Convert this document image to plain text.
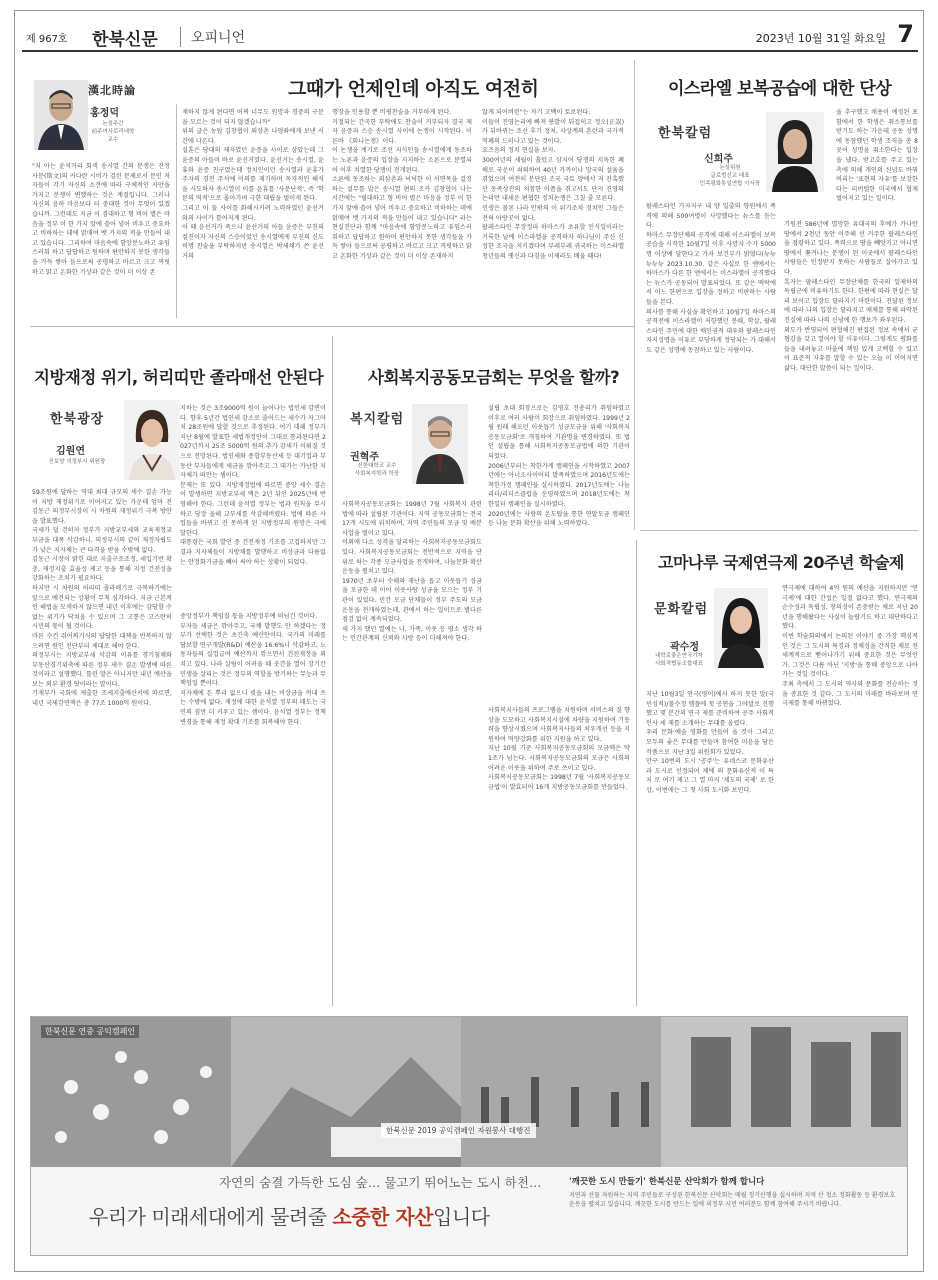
제 967호 한북신문	오피니언	2023년 10월 31일 화요일 7
漢北時論
홍정덕
논설주간
前주여사로리대학 교수
그때가 언제인데 아직도 여전히
"저 아는 윤석거리 회색 송시열 간의 분쟁은 진정 사문(斯文)의 커다란 시비가 걸린 문제로서 문인 저자들이 각기 자신의 소견에 따라 구체적인 사안을 가지고 분쟁이 변했하는 것은 계절입니다. 그러나 자신의 음하 마음보다 더 중대한 것이 무엇이 있겠습니까. 그런데도 지금 이 겸대하고 형 비어 별은 마음을 정부 이 한 가지 앞에 쓸어 넣어 비우고 중요하고 비하하는 데에 얽매여 뱃 가지의 적을 만들어 내고 있습니다. 그리하여 마음속에 함앙분노하고 유임스러워 하고 답답하고 원하며 편안하지 못한 생각들을 가득 쌓아 들으로써 공평하고 바르고 크고 꺼릿하고 맑고 온화한 기상과 같은 것이 더 이상 존
재하지 않게 된다면 어찌 너무도 원망과 경중의 구분을 모르는 것이 되지 않겠습니까"
위의 글은 농암 김창협이 외삼촌 나양좌에게 보낸 서간에 나온다.
설훈은 당대의 제자였던 윤증을 사이로 삼았는데 그 윤증의 아들이 바로 윤선거였다. 윤선거는 송시열, 윤휴와 윤증 친구였는데 정치인이던 송시열과 윤휴가 주자의 경전 주석에 이의를 제기하며 독자적인 해석을 시도하자 송시열이 이를 윤휴를 '사문난적', 즉 '학문의 역적'으로 몰아가며 극한 대립을 벌이게 된다.
그리고 이 둘 사이를 화해시키려 노력하였던 윤선거와의 사이가 틀어지게 된다.
이 때 윤선거가 죽으니 윤선거의 아들 윤증은 부친의 절친이자 자신의 스승이었던 송시열에게 부친의 신도비명 찬술을 부탁하지만 송시열은 박세채가 쓴 윤선거의
행장을 인용할 뿐 비평찬술을 거부하게 된다.
거절되는 간곡한 부탁에도 찬술이 거부되자 결국 제자 윤증과 스승 송시열 사이에 논쟁이 시작된다. 이른바 《회니논쟁》이다.
이 논쟁을 계기로 조선 지식인들 송시열에게 동조하는 노론과 윤증의 입장을 지지하는 소론으로 분열되어 이후 치열한 당쟁이 전개된다.
소론에 동조하는 외삼촌과 넉넉한 이 서면목을 걸정하는 설무를 말은 송시열 편의 조카 김창협이 나는 서간에는 "필대하고 형 비어 별은 마음을 정부 이 한 가지 앞에 쓸어 넣어 비우고 중요하고 비하하는 데에 얽매여 뱃 가지의 적을 만들어 내고 있습니다" 라는 현실진단과 함께 "마음속에 함앙분노하고 유임스러워하고 답답하고 원하며 편안하지 못한 생각들을 가득 쌓아 들으로써 공평하고 바르고 크고 꺼릿하고 맑고 온화한 기상과 같은 것이 더 이상 존재하지
않게 되어버린"는 자기 고백이 토로된다.
이들이 진영논리에 빠져 붕발이 뒤집히고 정오(正誤)가 뒤바뀌는 조선 후기 정치, 사상계의 혼란과 국가적 역폐의 드러나고 있는 것이다.
요즈음의 정치 현실을 보자.
300여년의 세월이 흘렀고 삼지어 당쟁의 지독한 폐해로 국운이 쇠퇴하여 40년 가까이나 망국의 설움을 겪었으며 여전히 분단된 조국 국토 양에서 저 잔혹했던 동족상잔의 처참한 아픔을 겪고서도 단지 진영의 논리만 내세운 편협한 정치논쟁은 그칠 줄 모른다.
민생은 물론 나라 안팎의 이 위기조차 정치인 그들은 전혀 아랑곳이 없다.
팔레스타인 무장정파 하마스가 초유할 인식일이라는 거룩한 날에 이스라엘을 공격하자 하나님이 주신 신성한 조국을 지키겠다며 부레부레 귀국하는 이스라엘 청년들의 옛신과 다짐을 이제라도 배울 때다!
이스라엘 보복공습에 대한 단상
한북칼럼
신희주
논설위원
글로벌선교 대표
민족평화통일연합 이사장
올 추구했고 채용이 예정된 포함에서 한 학생은 취소통보를 받기도 하는 가운데 공동 성명에 동참했던 학생 조직을 총 8곳이 성명을 취소한다는 입장을 냈다. 받고호를 주고 있는 측에 의해 개인의 신념도 바꿔버리는 '표현의 자유'를 보장한다는 리버럴한 미국에서 협제 벌어지고 있는 일이다.
팔레스타인 가자지구 내 양 일출의 향원에서 폭격에 의해 500여명이 사망했다는 뉴스를 듣는다.
하마스 무장단체의 공격에 대해 이스라엘이 보복공습을 시작한 10월7일 이후 사망자 수가 5000명 이상에 달한다고 가자 보건부가 밝혔다(뉴뉴뉴뉴뉴 2023.10.30. 같은 사실로 한 앤에서는 하마스가 다른 한 앤에서는 이스라엘이 공격했다는 뉴스가 공동되어 발표되었다. 또 같은 맥락에서 어느 한편으로 입장을 정하고 비판하는 사람들을 본다.
의사를 통해 사실을 확인하고 10월7일 하마스의 공격전에 이스라엘이 저항했던 봉쇄, 학살, 팔레스타인 주민에 대한 배인권적 대우와 팔레스타인 지지성명을 이유로 부당하게 정당되는 가 대해서도 같은 성명에 동참하고 있는 사람이다.
기원전 586년에 멸망한 유대국의 후예가 가나안 땅에서 2천년 동안 이주해 선 거주한 팔레스타인을 점령하고 있다. 폭력으로 땅을 빼앗기고 아니면 땅에서 쫓겨나는 분쟁이 된 이곳에서 팔레스타인 사람들은 인정받지 못하는 사람들로 살아가고 있다.
흑자는 팔레스타인 무장단체를 한국의 일제하의 독립군에 비유하기도 한다. 한편에 따라 현실은 달리 보이고 입장도 달라지기 마련이다. 전달된 정보에 따라 나의 입장은 달라지고 매체를 통해 파악된 진실에 따라 나의 신념에 한 행보가 좌우된다.
외도가 반영되어 편협해진 편집된 정보 속에서 균형감을 갖고 열어야 할 이유이다. 그렇게도 평화를 들을 내려놓고 마을에 책임 있게 고백할 수 있고 이 표준적 자유를 말할 수 있는 오늘 이 이어지면 삶다, 대단한 말씀이 되는 일이다.
지방재정 위기, 허리띠만 졸라매선 안된다
한북광장
김원연
진보당 의정부시 위원장
59조원에 달하는 역대 최대 규모의 세수 결손 가능이 지방 재정위기로 이어지고 있는 가운데 엄마 전 김동근 의정부시장이 시 차원의 재정위기 극복 방안을 발표했다.
국세가 덜 걷히자 정부가 지방교부세와 교육재정교부금을 대폭 삭감하니, 의정부시의 같이 재정자립도가 낮은 지자체는 큰 타격을 받을 수밖에 없다.
김동근 시장이 밝힌 대로 지출구조조정, 세입기반 확충, 재정지출 효율성 제고 등을 통해 지정 건전성을 강화하는 조치가 필요하다.
하지만 시 차원의 허리띠 졸라매기로 극복하기에는 앞으로 예견되는 상황이 무척 심각하다. 지금 근본적인 해법을 모색하지 않으면 내년 이후에는 감당할 수 없는 위기가 닥쳐올 수 있으며 그 고통은 고스란히 시민의 몫이 될 것이다.
마른 수건 쥐어짜기식의 답답한 대책을 반복하지 않으려면 원인 진단부터 제대로 해야 한다.
의정부시는 지방교부세 삭감의 이유를 경기침체와 부동산경기위축에 따른 정부 세수 결손 발생에 따른 것이라고 설명했다. 틀린 말은 아니지만 내년 예산을 보는 외부 환경 탓이라는 말이다.
기재부가 국회에 제출한 조세지출예산서에 따르면, 내년 국세감면액은 총 77조 1000억 원이다.
지하는 것은 3조9000억 원이 늘어나는 법인세 감면이다. 향후 5년간 법인세 감소로 줄어드는 세수가 자그마치 28조원에 달할 것으로 추정된다. 여기 대해 정부가 지난 8월에 발표한 세법개정안이 그대로 통과된다면 2027년까지 25조 5000억 원의 추가 감세가 이뤄질 것으로 전망된다. 법인세와 종합부동산세 등 대기업과 부동산 부자들에게 세금을 깎아주고 그 대가는 가난한 지자체가 떠안는 셈이다.
문제는 또 있다. 지방재정법에 따르면 중앙 세수 결손이 발생하면 지방교부세 액은 2년 뒤인 2025년에 반영해야 한다. 그런데 윤석열 정부는 법과 원칙을 무시하고 당장 올해 교부세를 삭감해버렸다. 법에 따른 사업들을 바뀌고 진 못하게 된 지방정부의 원망은 극에 달한다.
대통령은 국회 발언 중 건전재정 기조를 고집하지만 그 결과 지자체들이 지방채를 발행하고 비상금과 다름없는 안정화기금을 빼어 써야 하는 상황이 되었다.
중앙정부가 책임질 몫을 지방정부에 떠넘긴 것이다.
부자들 세금은 깎아주고, 국채 발행도 안 하겠다는 정부가 선택한 것은 초긴축 예산안이다. 국가의 미래를 담보할 연구개발(R&D) 예산을 16.6%나 삭감하고, 노동자들의 실업급여 예산까지 깎으면서 건전재정을 외치고 있다. 나라 살림이 어려울 때 곳간을 열어 장기간 민생을 살피는 것은 정부의 역할을 방기하는 무능과 무책임일 뿐이다.
지자체에 돈 뿌리 없으니 빚을 내는 비상금을 꺼내 쓰는 수밖에 없다. 재정에 대한 윤석열 정부의 태도는 국민의 짐만 더 키우고 있는 셈이다. 윤석열 정부는 정책 변경을 통해 재정 확대 기조를 회복해야 한다.
사회복지공동모금회는 무엇을 할까?
복지칼럼
권혁주
신한대학교 교수
사회복지학과 학장
사회복지공동모금회는 1998년 7월 사회복지 관련법에 따라 설립된 기관이다. 지역 공동모금회는 전국 17개 시도에 위치하여, 지역 주민들의 모금 및 배분 사업을 벌이고 있다.
이외에 다소 성격을 달리하는 사회복지공동모금회도 있다. 사회복지공동모금회는 전반적으로 지역을 단위로 하는 각종 모금사업을 전개하며, 나눔문화 확산 운동을 펼치고 있다.
1970년 초부터 수해와 재난을 돕고 이웃돕기 성금을 모금한 데 이어 이웃사랑 성금을 모으는 정부 기관이 있었다. 민간 모금 단체들이 정부 주도의 모금 운동을 전개하였는데, 관에서 하는 일이므로 별다른 점검 없이 계속되었다.
세 가지 했던 열에는 나, 가족, 이웃 등 평소 생각 하는 인간관계의 신뢰와 사랑 등이 더해져야 한다.
설립 초대 회장으로는 김영호 전총리가 취임하였고 이후로 여러 사람이 회장으로 취임하였다. 1999년 2월 원래 해오던 이웃돕기 성금모금을 위해 '사회복지공동모금회'로 개칭하여 기관명을 변경하였다. 또 법인 설립을 통해 사회복지공동모금법에 의한 기관이 되었다.
2006년부터는 착한가게 캠페인을 시작하였고 2007년에는 아너소사이어티 발족하였으며 2016년도에는 착한가정 캠페인을 실시하였다. 2017년도에는 나눔리더/리더스클럽을 운영하였으며 2018년도에는 착한일터 캠페인을 실시하였다.
2020년에는 사랑의 온도탑을 통한 연말모금 캠페인 등 나눔 문화 확산을 위해 노력하였다.
사회복지사들의 프로그램을 지원하며 서비스의 질 향상을 도모하고 사회복지시설에 차량을 지원하여 기동력을 향상시켰으며 사회복지사들의 처우개선 등을 지원하여 역량강화를 위한 지원을 하고 있다.
지난 10월 기준 사회복지공동모금회의 모금액은 약 1조가 넘는다. 사회복지공동모금회의 모금은 사회의 어려운 이웃을 위하여 주로 쓰이고 있다.
사회복지공동모금회는 1998년 7월 '사회복지공동모금법'이 발효되어 16개 지방공동모금회를 만들었다.
고마나루 국제연극제 20주년 학술제
문화칼럼
곽수정
대학로좋은연극기자
사회적협동조합대표
지난 10월3일 연극(영어)에서 하지 못한 말(국민성적)/물수정 엠플에 첫 공연을 그야말로 진행했고 몇 분간의 연극 제를 준비하여 공주 사회적 인사 세 제를 소개하는 무대를 올렸다.
우리 문화·예술 영화를 만들어 올 것이 그리고 모두의 좋은 무대를 만들며 참여한 마음을 담은 작품으로 지난 3일 위원회가 있었다.
안구 10번의 도시 '공주'는 유네스코 문화유산과 도시로 선정되어 제에 의 문화유산적 이 특 지 로 여기 제고 그 열 마지 '제도의 국제' 로 한 상, 이번에는 그 첫 사회 도시화 보인다.
연극제에 대하여 4억 원의 예산을 지원하지만 '연극제'에 대한 간섭은 일절 없다고 했다. 연극제의 순수성과 독립성, 창의성이 존중받는 체로 지난 20년을 행해왔다는 사실이 놀랍기도 하고 대단하다고 했다.
이번 학술회의에서 논의된 이야기 중 가장 핵심적인 것은 그 도시의 특징과 정체성을 간직한 채로 전 세계적으로 뻗어나가기 위해 중요한 것은 무엇인가. 그것은 다름 아닌 '지방'을 통해 중앙으로 나아가는 것일 것이다.
주최 측에서 그 도시의 역사와 문화를 전승하는 것을 중요한 것 같다. 그 도시의 미래를 바라보며 연극제를 통해 바뀌었다.
한북신문 연중 공익캠페인
한북신문 2019 공익캠페인 자원봉사 대행진
자연의 숨결 가득한 도심 숲… 물고기 뛰어노는 도시 하천…
우리가 미래세대에게 물려줄 소중한 자산입니다
'깨끗한 도시 만들기' 한북신문 산악회가 함께 합니다
지연과 선물 자원하는 지역 주민들로 구성된 한북신문 산악회는 매월 정기산행을 실시하며 지역 산 청소 정화활동 등 환경보호 운동을 펼치고 있습니다. 깨끗한 도시를 만드는 일에 의정부 시민 여러분도 함께 참여해 주시기 바랍니다.
